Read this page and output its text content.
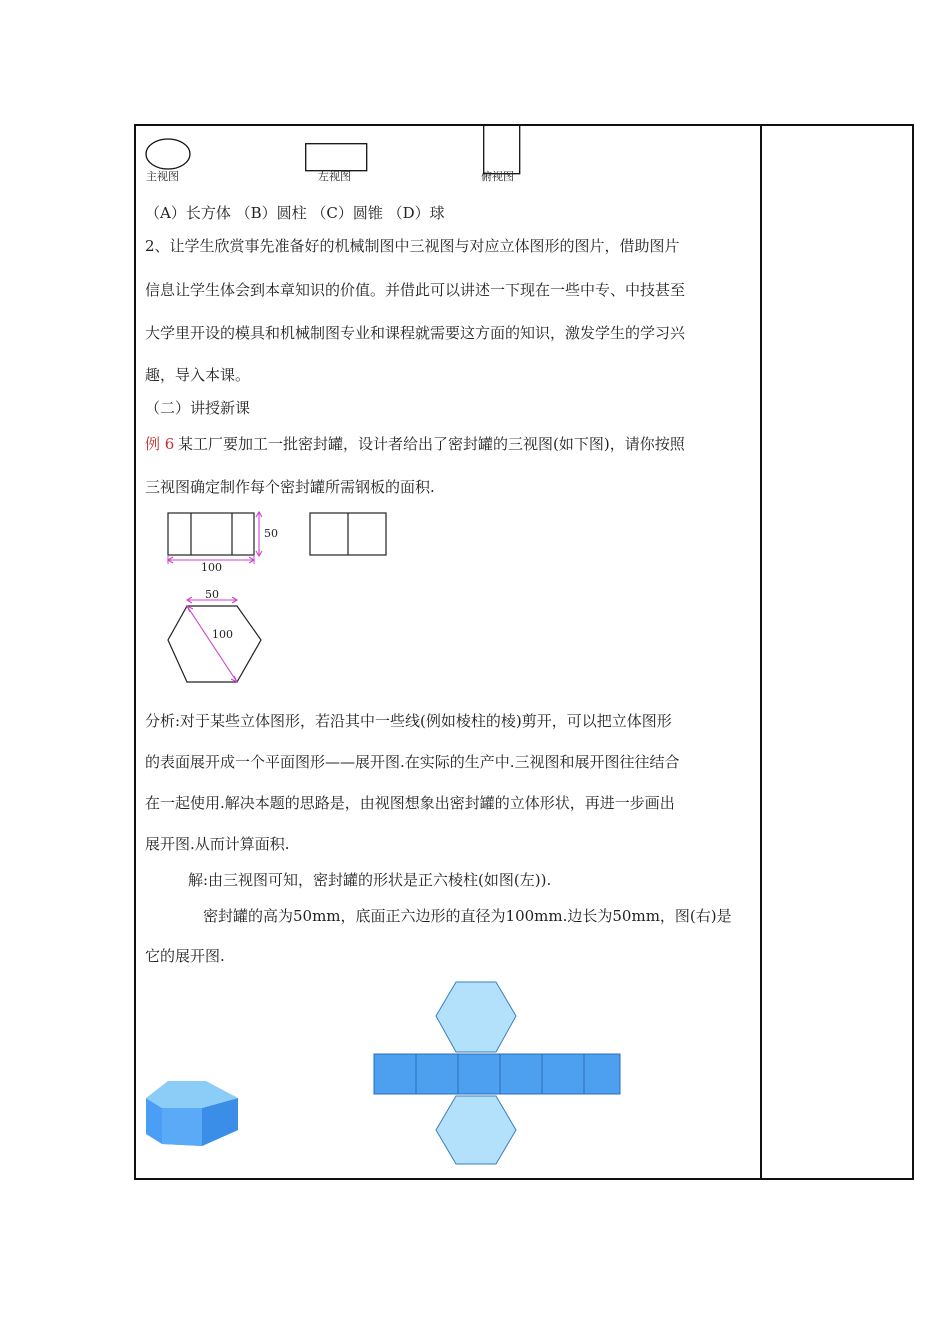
主视图	左视图	俯视图
（A）长方体 （B）圆柱 （C）圆锥 （D）球
2、让学生欣赏事先准备好的机械制图中三视图与对应立体图形的图片，借助图片
信息让学生体会到本章知识的价值。并借此可以讲述一下现在一些中专、中技甚至
大学里开设的模具和机械制图专业和课程就需要这方面的知识，激发学生的学习兴
趣，导入本课。
（二）讲授新课
例 6 某工厂要加工一批密封罐，设计者给出了密封罐的三视图(如下图)，请你按照
三视图确定制作每个密封罐所需钢板的面积.
50
100
50
100
分析:对于某些立体图形，若沿其中一些线(例如棱柱的棱)剪开，可以把立体图形
的表面展开成一个平面图形——展开图.在实际的生产中.三视图和展开图往往结合
在一起使用.解决本题的思路是，由视图想象出密封罐的立体形状，再进一步画出
展开图.从而计算面积.
解:由三视图可知，密封罐的形状是正六棱柱(如图(左)).
密封罐的高为50mm，底面正六边形的直径为100mm.边长为50mm，图(右)是
它的展开图.
